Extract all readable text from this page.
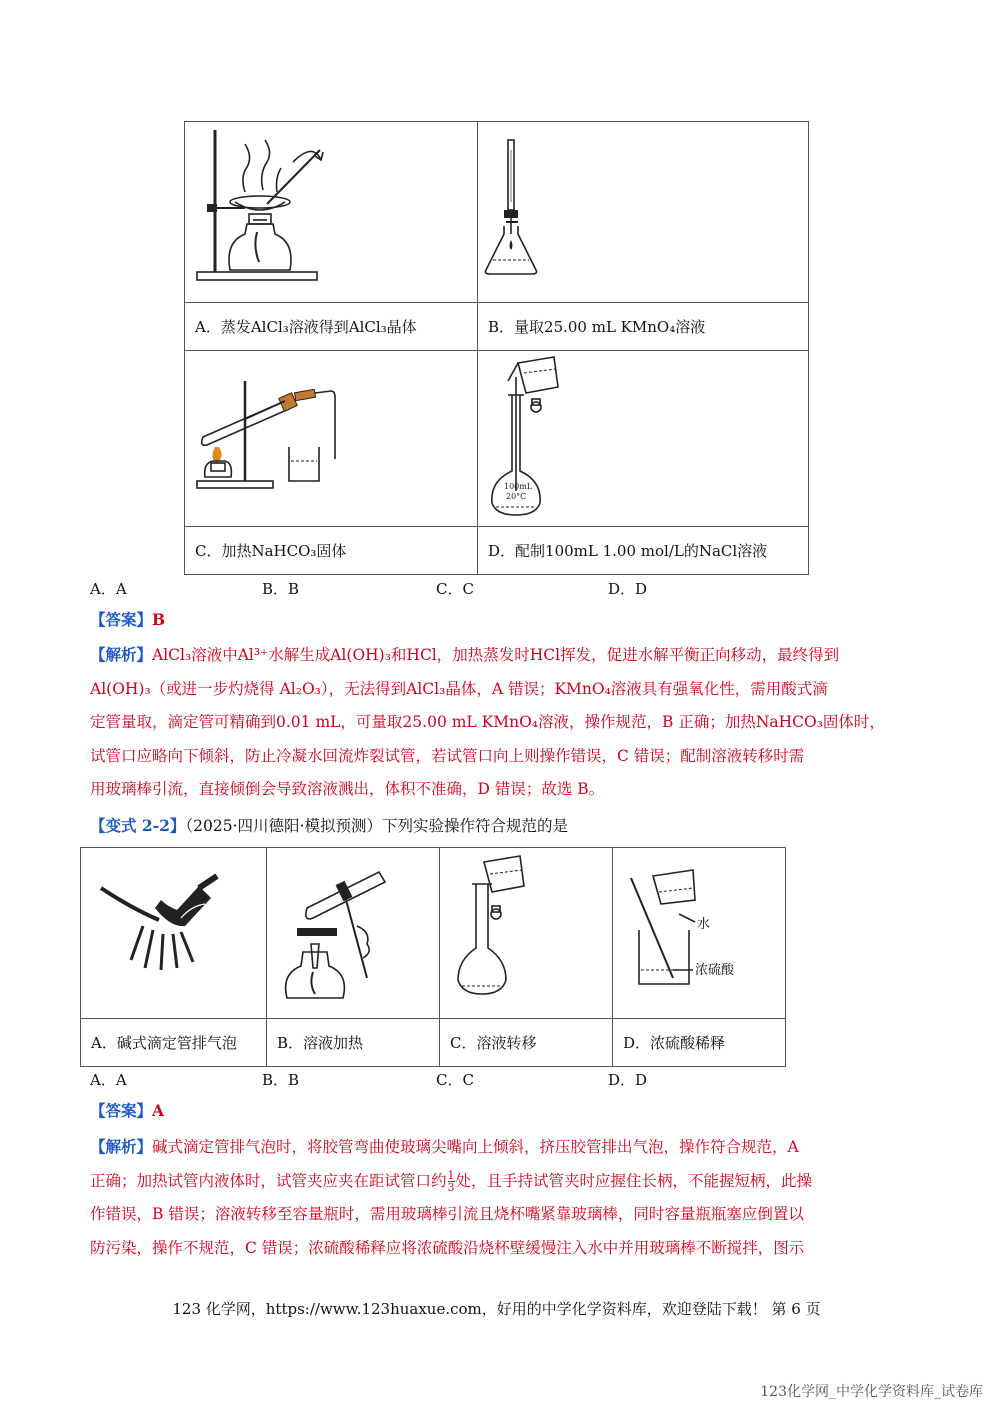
A．蒸发AlCl₃溶液得到AlCl₃晶体	B．量取25.00 mL KMnO₄溶液

100mL
20°C

C．加热NaHCO₃固体	D．配制100mL 1.00 mol/L的NaCl溶液
A．A	B．B	C．C	D．D
【答案】B
【解析】AlCl₃溶液中Al³⁺水解生成Al(OH)₃和HCl，加热蒸发时HCl挥发，促进水解平衡正向移动，最终得到
Al(OH)₃（或进一步灼烧得 Al₂O₃），无法得到AlCl₃晶体，A 错误；KMnO₄溶液具有强氧化性，需用酸式滴
定管量取，滴定管可精确到0.01 mL，可量取25.00 mL KMnO₄溶液，操作规范，B 正确；加热NaHCO₃固体时，
试管口应略向下倾斜，防止冷凝水回流炸裂试管，若试管口向上则操作错误，C 错误；配制溶液转移时需
用玻璃棒引流，直接倾倒会导致溶液溅出，体积不准确，D 错误；故选 B。
【变式 2-2】（2025·四川德阳·模拟预测）下列实验操作符合规范的是

水
浓硫酸

A．碱式滴定管排气泡	B．溶液加热	C．溶液转移	D．浓硫酸稀释
A．A	B．B	C．C	D．D
【答案】A
【解析】碱式滴定管排气泡时，将胶管弯曲使玻璃尖嘴向上倾斜，挤压胶管排出气泡，操作符合规范，A
正确；加热试管内液体时，试管夹应夹在距试管口约 $\frac{1}{3}$ 处，且手持试管夹时应握住长柄，不能握短柄，此操
作错误，B 错误；溶液转移至容量瓶时，需用玻璃棒引流且烧杯嘴紧靠玻璃棒，同时容量瓶瓶塞应倒置以
防污染，操作不规范，C 错误；浓硫酸稀释应将浓硫酸沿烧杯壁缓慢注入水中并用玻璃棒不断搅拌，图示
123 化学网，https://www.123huaxue.com，好用的中学化学资料库，欢迎登陆下载！ 第 6 页
123化学网_中学化学资料库_试卷库
